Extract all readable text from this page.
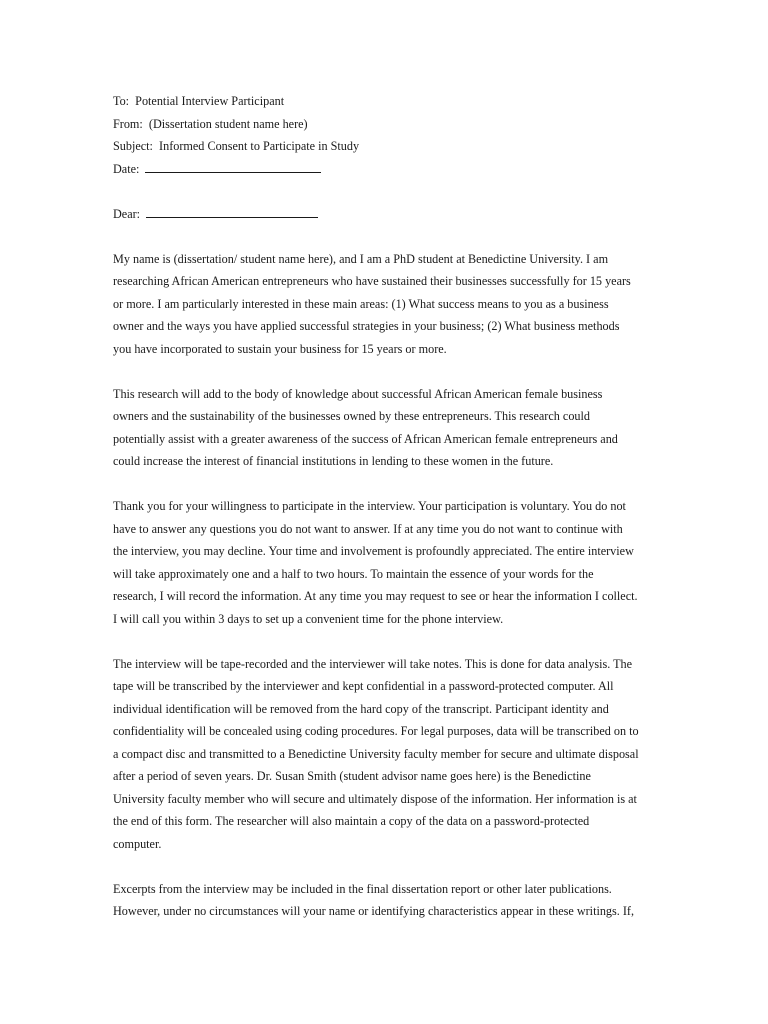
To: Potential Interview Participant
From: (Dissertation student name here)
Subject: Informed Consent to Participate in Study
Date:
Dear:
My name is (dissertation/ student name here), and I am a PhD student at Benedictine University. I am
researching African American entrepreneurs who have sustained their businesses successfully for 15 years
or more. I am particularly interested in these main areas: (1) What success means to you as a business
owner and the ways you have applied successful strategies in your business; (2) What business methods
you have incorporated to sustain your business for 15 years or more.
This research will add to the body of knowledge about successful African American female business
owners and the sustainability of the businesses owned by these entrepreneurs. This research could
potentially assist with a greater awareness of the success of African American female entrepreneurs and
could increase the interest of financial institutions in lending to these women in the future.
Thank you for your willingness to participate in the interview. Your participation is voluntary. You do not
have to answer any questions you do not want to answer. If at any time you do not want to continue with
the interview, you may decline. Your time and involvement is profoundly appreciated. The entire interview
will take approximately one and a half to two hours. To maintain the essence of your words for the
research, I will record the information. At any time you may request to see or hear the information I collect.
I will call you within 3 days to set up a convenient time for the phone interview.
The interview will be tape-recorded and the interviewer will take notes. This is done for data analysis. The
tape will be transcribed by the interviewer and kept confidential in a password-protected computer. All
individual identification will be removed from the hard copy of the transcript. Participant identity and
confidentiality will be concealed using coding procedures. For legal purposes, data will be transcribed on to
a compact disc and transmitted to a Benedictine University faculty member for secure and ultimate disposal
after a period of seven years. Dr. Susan Smith (student advisor name goes here) is the Benedictine
University faculty member who will secure and ultimately dispose of the information. Her information is at
the end of this form. The researcher will also maintain a copy of the data on a password-protected
computer.
Excerpts from the interview may be included in the final dissertation report or other later publications.
However, under no circumstances will your name or identifying characteristics appear in these writings. If,
